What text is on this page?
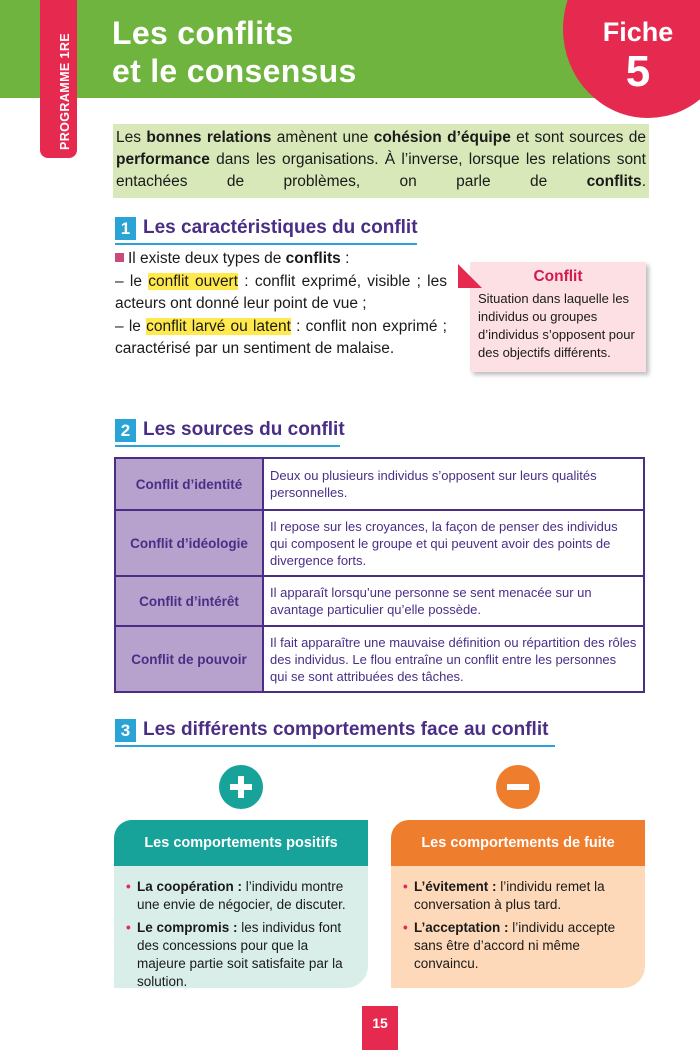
Les conflits
et le consensus
Fiche
5
PROGRAMME 1RE	Les bonnes relations amènent une cohésion d’équipe et sont sources de performance dans les organisations. À l’inverse, lorsque les relations sont entachées de problèmes, on parle de conflits.
1 Les caractéristiques du conflit
Il existe deux types de conflits :
– le conflit ouvert : conflit exprimé, visible ; les acteurs ont donné leur point de vue ;
– le conflit larvé ou latent : conflit non exprimé ; caractérisé par un sentiment de malaise.
Conflit
Situation dans laquelle les individus ou groupes d’individus s’opposent pour des objectifs différents.
2 Les sources du conflit
Conflit d’identité	Deux ou plusieurs individus s’opposent sur leurs qualités personnelles.
Conflit d’idéologie	Il repose sur les croyances, la façon de penser des individus qui composent le groupe et qui peuvent avoir des points de divergence forts.
Conflit d’intérêt	Il apparaît lorsqu’une personne se sent menacée sur un avantage particulier qu’elle possède.
Conflit de pouvoir	Il fait apparaître une mauvaise définition ou répartition des rôles des individus. Le flou entraîne un conflit entre les personnes qui se sont attribuées des tâches.
3 Les différents comportements face au conflit
Les comportements positifs

• La coopération : l’individu montre une envie de négocier, de discuter.

• Le compromis : les individus font des concessions pour que la majeure partie soit satisfaite par la solution.

Les comportements de fuite

• L’évitement : l’individu remet la conversation à plus tard.

• L’acceptation : l’individu accepte sans être d’accord ni même convaincu.

15
